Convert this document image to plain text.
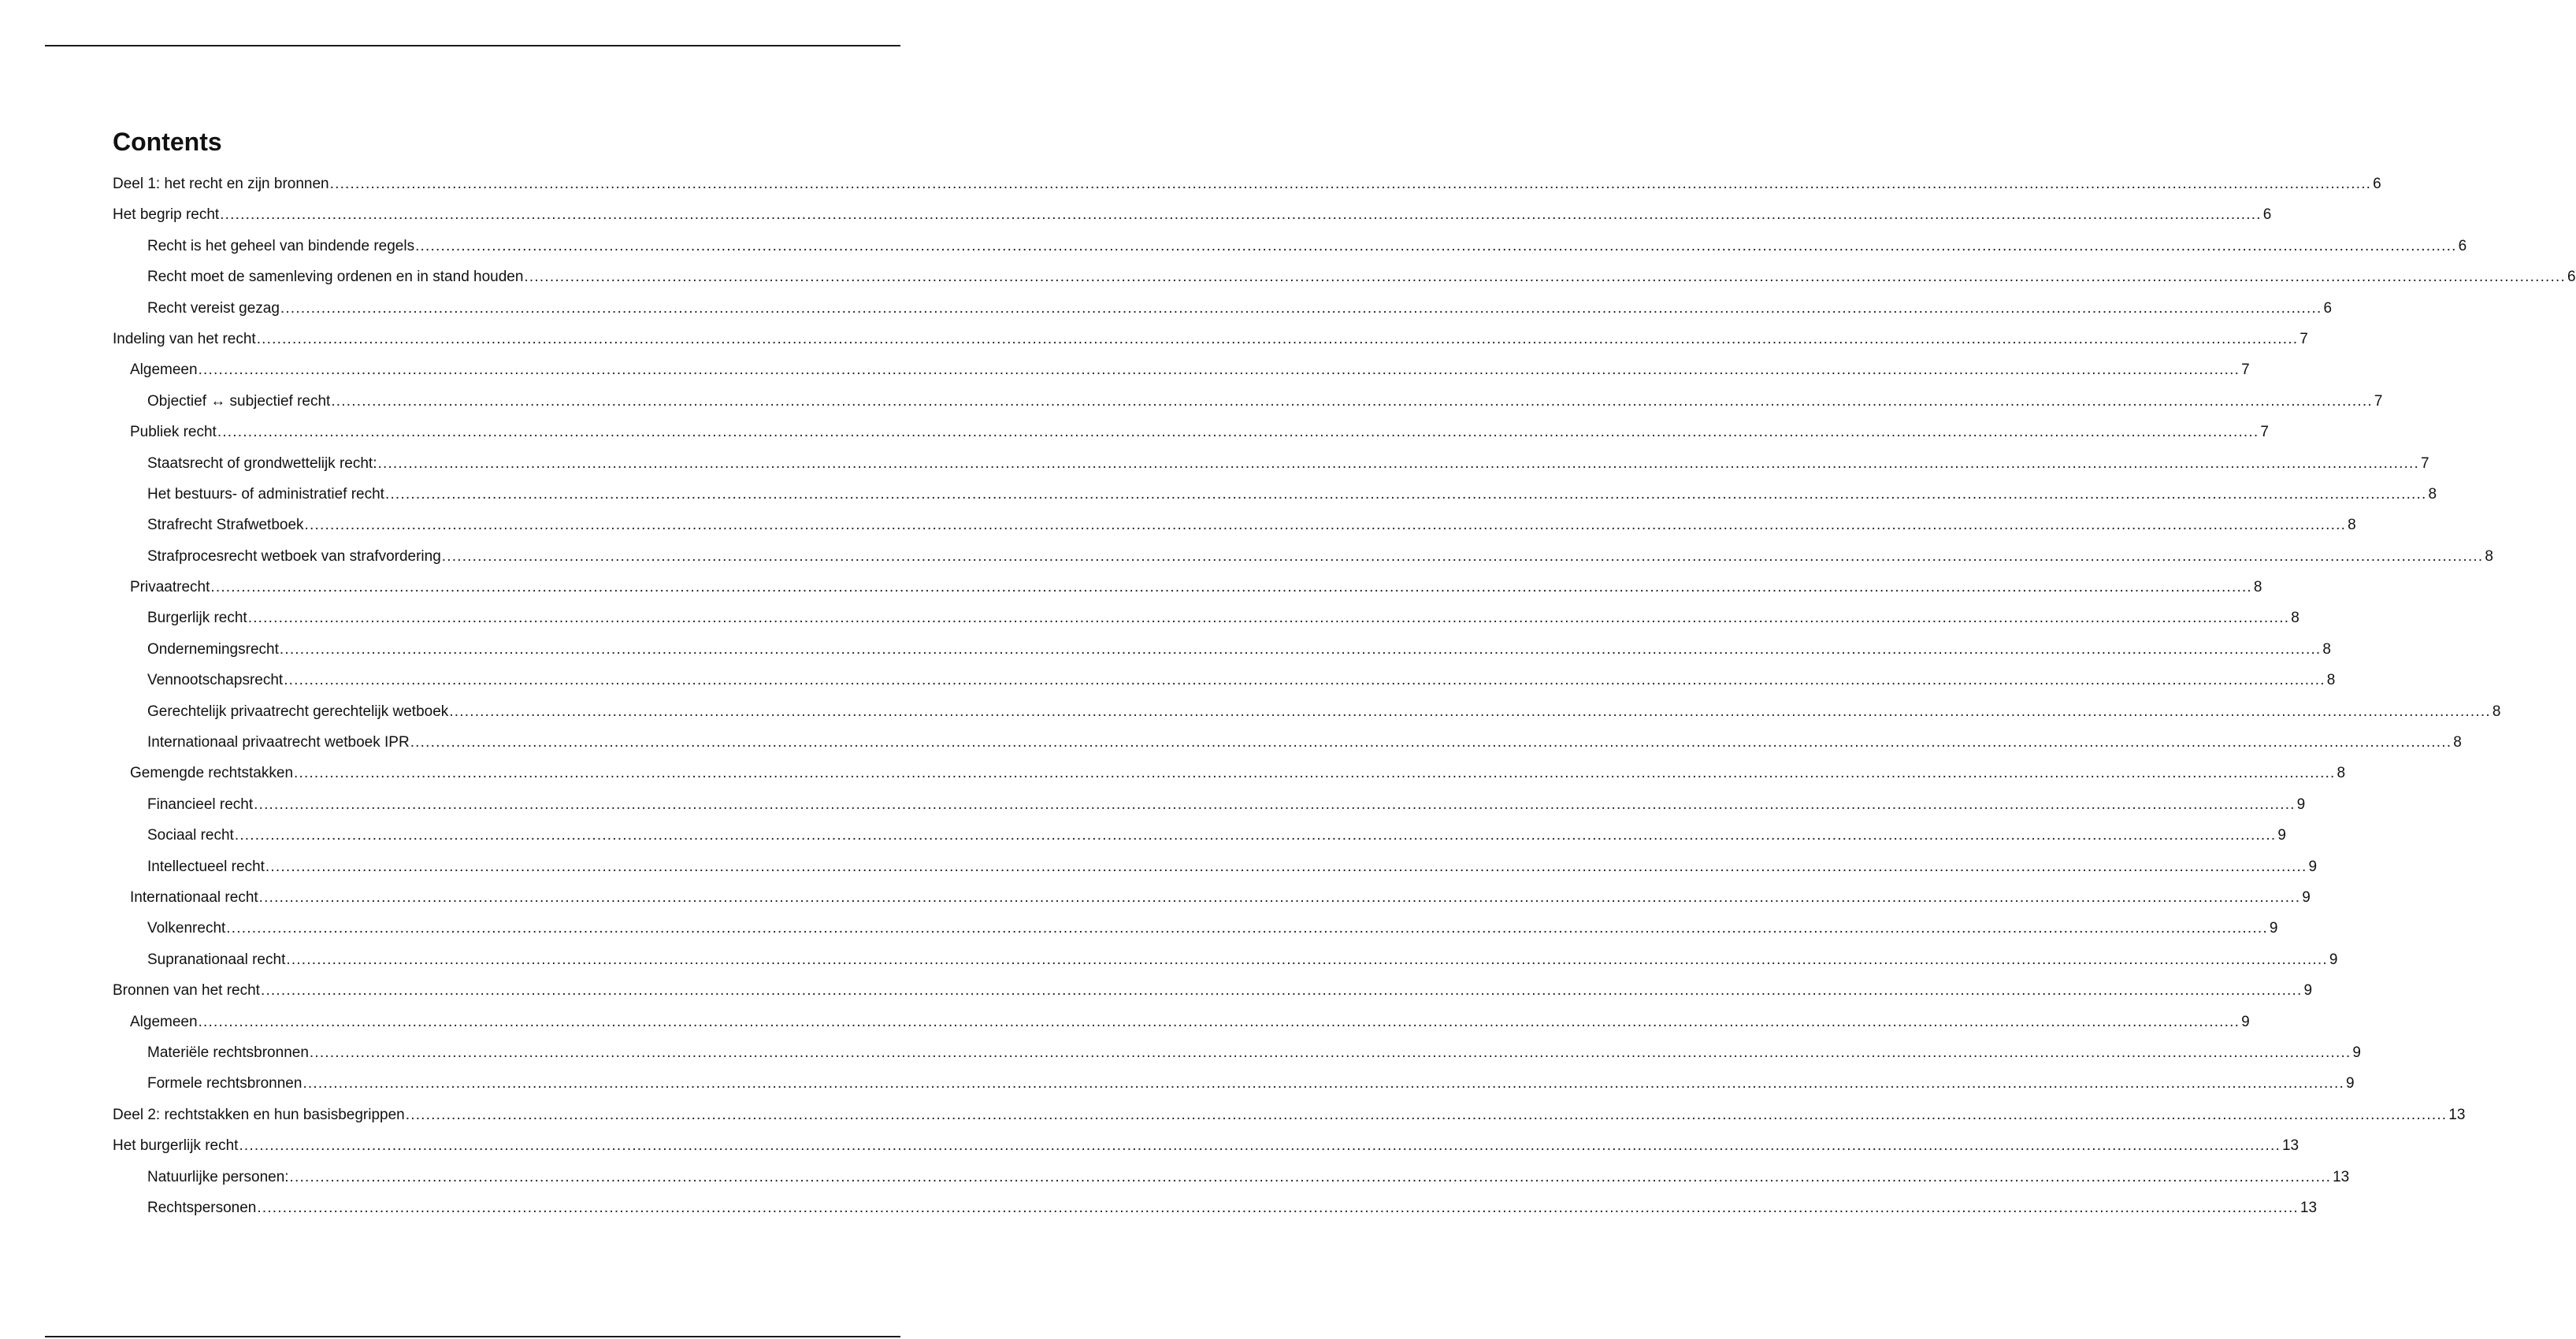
Contents
Deel 1: het recht en zijn bronnen ................................................................................................................................................................................................................................................................................................................................................................................................................ 6
Het begrip recht ................................................................................................................................................................................................................................................................................................................................................................................................................ 6
Recht is het geheel van bindende regels ................................................................................................................................................................................................................................................................................................................................................................................................................ 6
Recht moet de samenleving ordenen en in stand houden ................................................................................................................................................................................................................................................................................................................................................................................................................ 6
Recht vereist gezag ................................................................................................................................................................................................................................................................................................................................................................................................................ 6
Indeling van het recht ................................................................................................................................................................................................................................................................................................................................................................................................................ 7
Algemeen ................................................................................................................................................................................................................................................................................................................................................................................................................ 7
Objectief ↔ subjectief recht ................................................................................................................................................................................................................................................................................................................................................................................................................ 7
Publiek recht ................................................................................................................................................................................................................................................................................................................................................................................................................ 7
Staatsrecht of grondwettelijk recht: ................................................................................................................................................................................................................................................................................................................................................................................................................ 7
Het bestuurs- of administratief recht ................................................................................................................................................................................................................................................................................................................................................................................................................ 8
Strafrecht Strafwetboek ................................................................................................................................................................................................................................................................................................................................................................................................................ 8
Strafprocesrecht wetboek van strafvordering ................................................................................................................................................................................................................................................................................................................................................................................................................ 8
Privaatrecht ................................................................................................................................................................................................................................................................................................................................................................................................................ 8
Burgerlijk recht ................................................................................................................................................................................................................................................................................................................................................................................................................ 8
Ondernemingsrecht ................................................................................................................................................................................................................................................................................................................................................................................................................ 8
Vennootschapsrecht ................................................................................................................................................................................................................................................................................................................................................................................................................ 8
Gerechtelijk privaatrecht gerechtelijk wetboek ................................................................................................................................................................................................................................................................................................................................................................................................................ 8
Internationaal privaatrecht wetboek IPR ................................................................................................................................................................................................................................................................................................................................................................................................................ 8
Gemengde rechtstakken ................................................................................................................................................................................................................................................................................................................................................................................................................ 8
Financieel recht ................................................................................................................................................................................................................................................................................................................................................................................................................ 9
Sociaal recht ................................................................................................................................................................................................................................................................................................................................................................................................................ 9
Intellectueel recht ................................................................................................................................................................................................................................................................................................................................................................................................................ 9
Internationaal recht ................................................................................................................................................................................................................................................................................................................................................................................................................ 9
Volkenrecht ................................................................................................................................................................................................................................................................................................................................................................................................................ 9
Supranationaal recht ................................................................................................................................................................................................................................................................................................................................................................................................................ 9
Bronnen van het recht ................................................................................................................................................................................................................................................................................................................................................................................................................ 9
Algemeen ................................................................................................................................................................................................................................................................................................................................................................................................................ 9
Materiële rechtsbronnen ................................................................................................................................................................................................................................................................................................................................................................................................................ 9
Formele rechtsbronnen ................................................................................................................................................................................................................................................................................................................................................................................................................ 9
Deel 2: rechtstakken en hun basisbegrippen ................................................................................................................................................................................................................................................................................................................................................................................................................ 13
Het burgerlijk recht ................................................................................................................................................................................................................................................................................................................................................................................................................ 13
Natuurlijke personen: ................................................................................................................................................................................................................................................................................................................................................................................................................ 13
Rechtspersonen ................................................................................................................................................................................................................................................................................................................................................................................................................ 13
